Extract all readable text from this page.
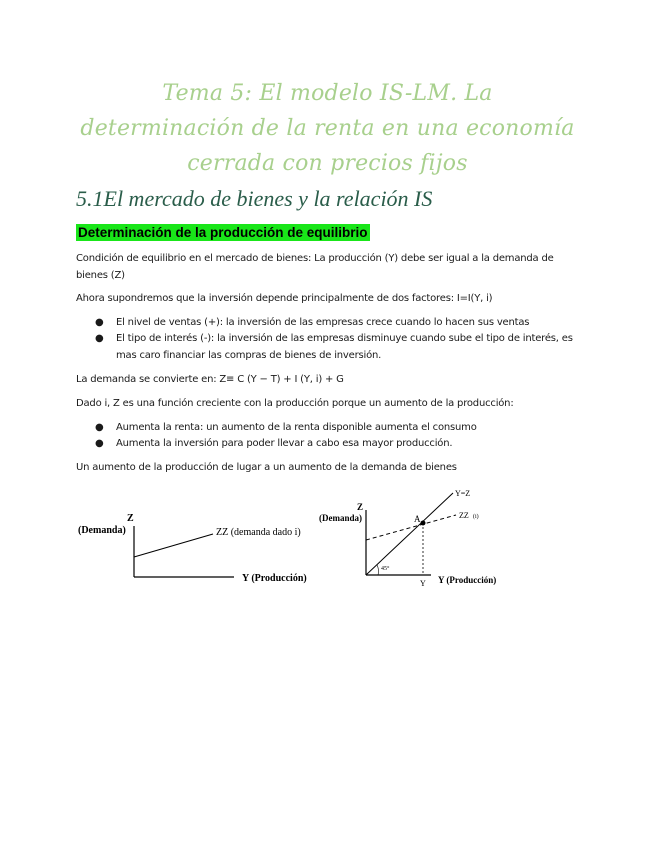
Tema 5: El modelo IS-LM. La
determinación de la renta en una economía
cerrada con precios fijos
5.1El mercado de bienes y la relación IS
Determinación de la producción de equilibrio
Condición de equilibrio en el mercado de bienes: La producción (Y) debe ser igual a la demanda de
bienes (Z)
Ahora supondremos que la inversión depende principalmente de dos factores: I=I(Y, i)
● El nivel de ventas (+): la inversión de las empresas crece cuando lo hacen sus ventas
● El tipo de interés (-): la inversión de las empresas disminuye cuando sube el tipo de interés, es
mas caro financiar las compras de bienes de inversión.
La demanda se convierte en: Z≡ C (Y − T) + I (Y, i) + G
Dado i, Z es una función creciente con la producción porque un aumento de la producción:
● Aumenta la renta: un aumento de la renta disponible aumenta el consumo
● Aumenta la inversión para poder llevar a cabo esa mayor producción.
Un aumento de la producción de lugar a un aumento de la demanda de bienes
Z
(Demanda)	ZZ (demanda dado i)
Y (Producción)
Z
(Demanda)
Y=Z
ZZ (i)
A
45°
Y Y (Producción)
